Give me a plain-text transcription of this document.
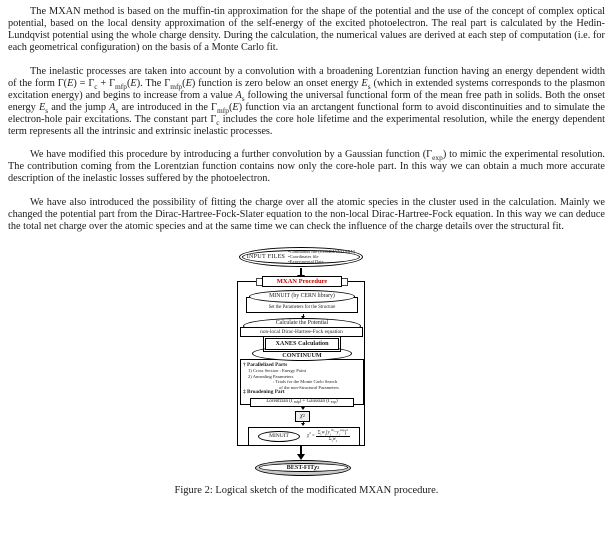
The MXAN method is based on the muffin-tin approximation for the shape of the potential and the use of the concept of complex optical potential, based on the local density approximation of the self-energy of the excited photoelectron. The real part is calculated by the Hedin-Lundqvist potential using the whole charge density. During the calculation, the numerical values are derived at each step of computation (i.e. for each geometrical configuration) on the basis of a Monte Carlo fit.

The inelastic processes are taken into account by a convolution with a broadening Lorentzian function having an energy dependent width of the form $\Gamma(E) = \Gamma_c + \Gamma_{mfp}(E)$. The $\Gamma_{mfp}(E)$ function is zero below an onset energy $E_s$ (which in extended systems corresponds to the plasmon excitation energy) and begins to increase from a value $A_s$ following the universal functional form of the mean free path in solids. Both the onset energy $E_s$ and the jump $A_s$ are introduced in the $\Gamma_{mfp}(E)$ function via an arctangent functional form to avoid discontinuities and to simulate the electron-hole pair excitations. The constant part $\Gamma_c$ includes the core hole lifetime and the experimental resolution, while the energy dependent term represents all the intrinsic and extrinsic inelastic processes.

We have modified this procedure by introducing a further convolution by a Gaussian function $(\Gamma_{exp})$ to mimic the experimental resolution. The contribution coming from the Lorentzian function contains now only the core-hole part. In this way we can obtain a much more accurate description of the inelastic losses suffered by the photoelectron.

We have also introduced the possibility of fitting the charge over all the atomic species in the cluster used in the calculation. Mainly we changed the potential part from the Dirac-Hartree-Fock-Slater equation to the non-local Dirac-Hartree-Fock equation. In this way we can deduce the total net charge over the atomic species and at the same time we can check the influence of the charge details over the structural fit.

INPUT FILES
•Commands file (COMMAND.MIN)
•Coordinates file
•Experimental Data
MXAN Procedure
MINUIT (by CERN library)
Set the Parameters for the Structure
Calculate the Potential
non-local Dirac-Hartree-Fock equation
CONTINUUM
XANES Calculation
† Parallelized Parts
1) Cross Section : Energy Point
2) Annealing Parameters
: Trials for the Monte Carlo Search
of the non-Structural Parameters
‡ Broadening Part
Lorentzian (Γ mfp ) + Gaussian (Γ exp )
χ 2
MINUIT	$\chi^2 = \frac{\Sigma_iw_i[y_i^{th}-y_i^{exp}]^2}{\Sigma_iw_i}$
BEST-FIT χ 2
Figure 2: Logical sketch of the modificated MXAN procedure.
